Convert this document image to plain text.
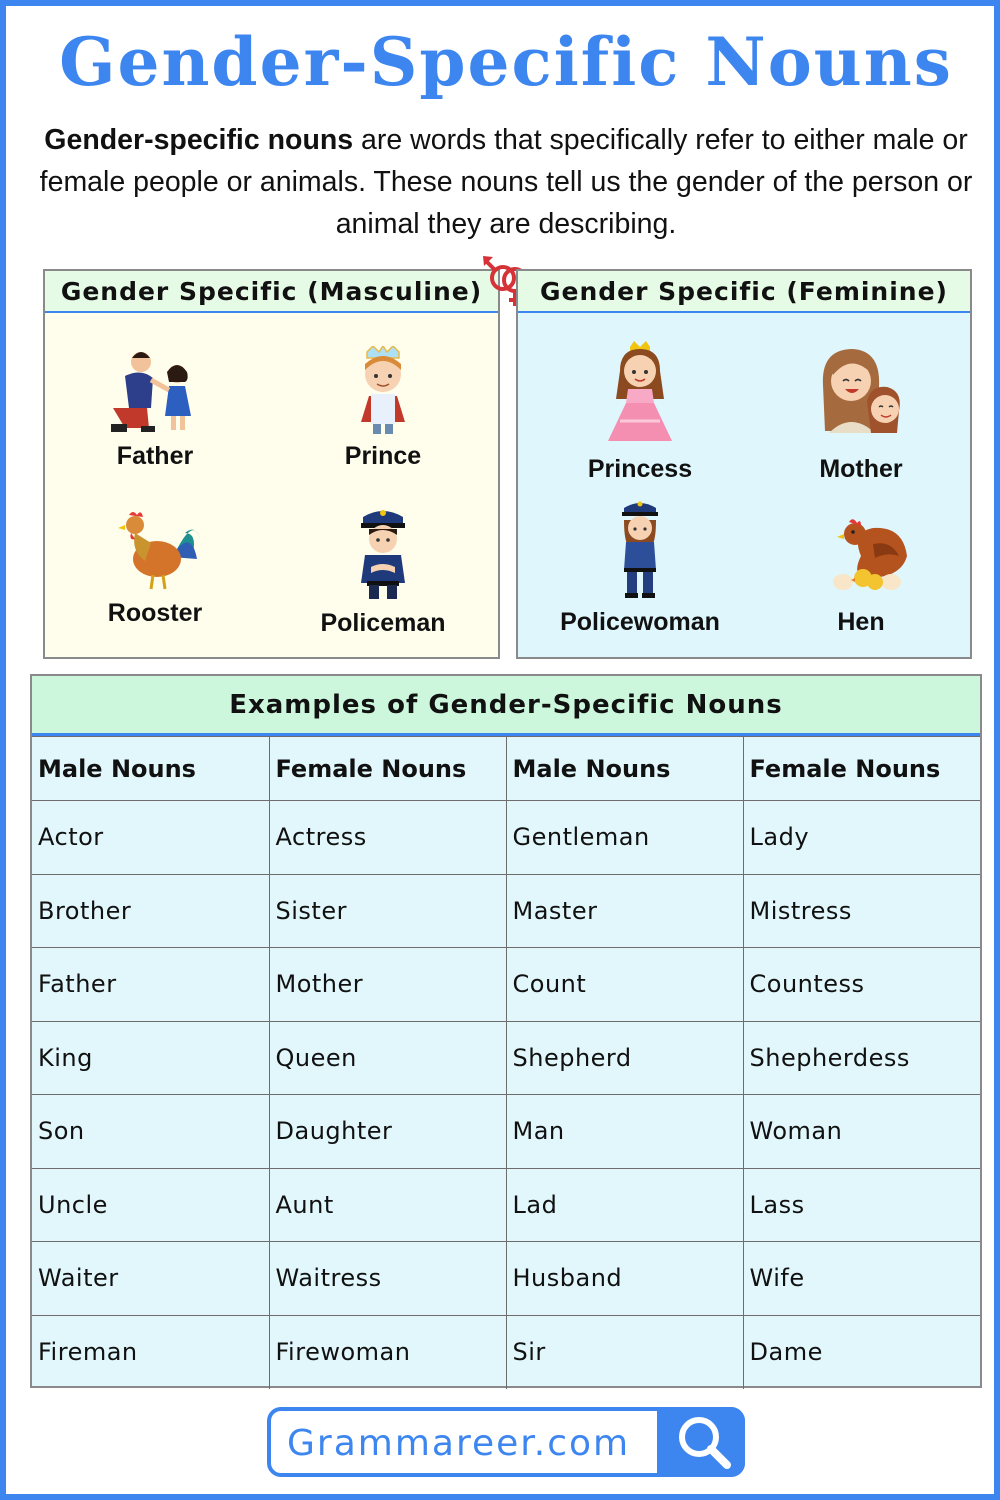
Gender-Specific Nouns

Gender-specific nouns are words that specifically refer to either male or female people or animals. These nouns tell us the gender of the person or animal they are describing.

Gender Specific (Masculine)
Father	Prince
Rooster	Policeman
Gender Specific (Feminine)
Princess	Mother
Policewoman	Hen
Examples of Gender-Specific Nouns
Male Nouns	Female Nouns	Male Nouns	Female Nouns
Actor	Actress	Gentleman	Lady
Brother	Sister	Master	Mistress
Father	Mother	Count	Countess
King	Queen	Shepherd	Shepherdess
Son	Daughter	Man	Woman
Uncle	Aunt	Lad	Lass
Waiter	Waitress	Husband	Wife
Fireman	Firewoman	Sir	Dame
Grammareer.com
